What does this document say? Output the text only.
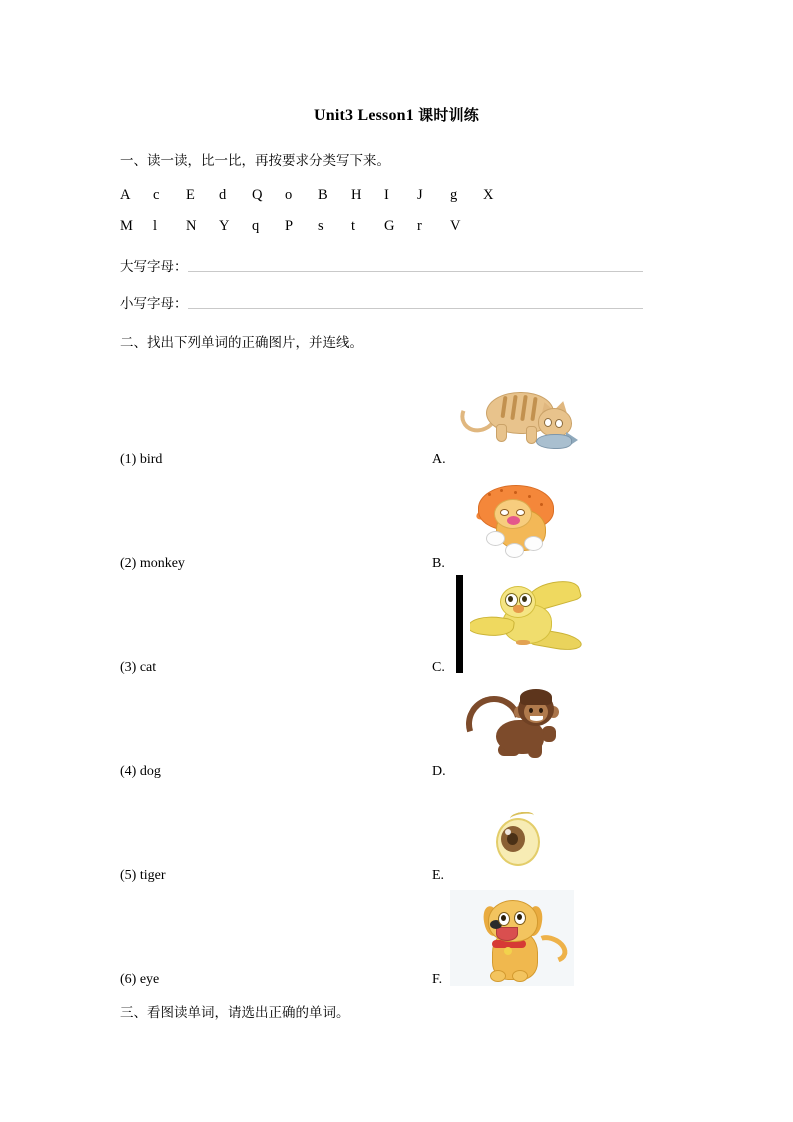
Unit3 Lesson1 课时训练
一、读一读，比一比，再按要求分类写下来。
A c E d Q o B H I J g X
M l N Y q P s t G r V
大写字母：
小写字母：
二、找出下列单词的正确图片，并连线。
(1) bird
(2) monkey
(3) cat
(4) dog
(5) tiger
(6) eye
A.
B.
C.
D.
E.
F.
三、看图读单词，请选出正确的单词。
